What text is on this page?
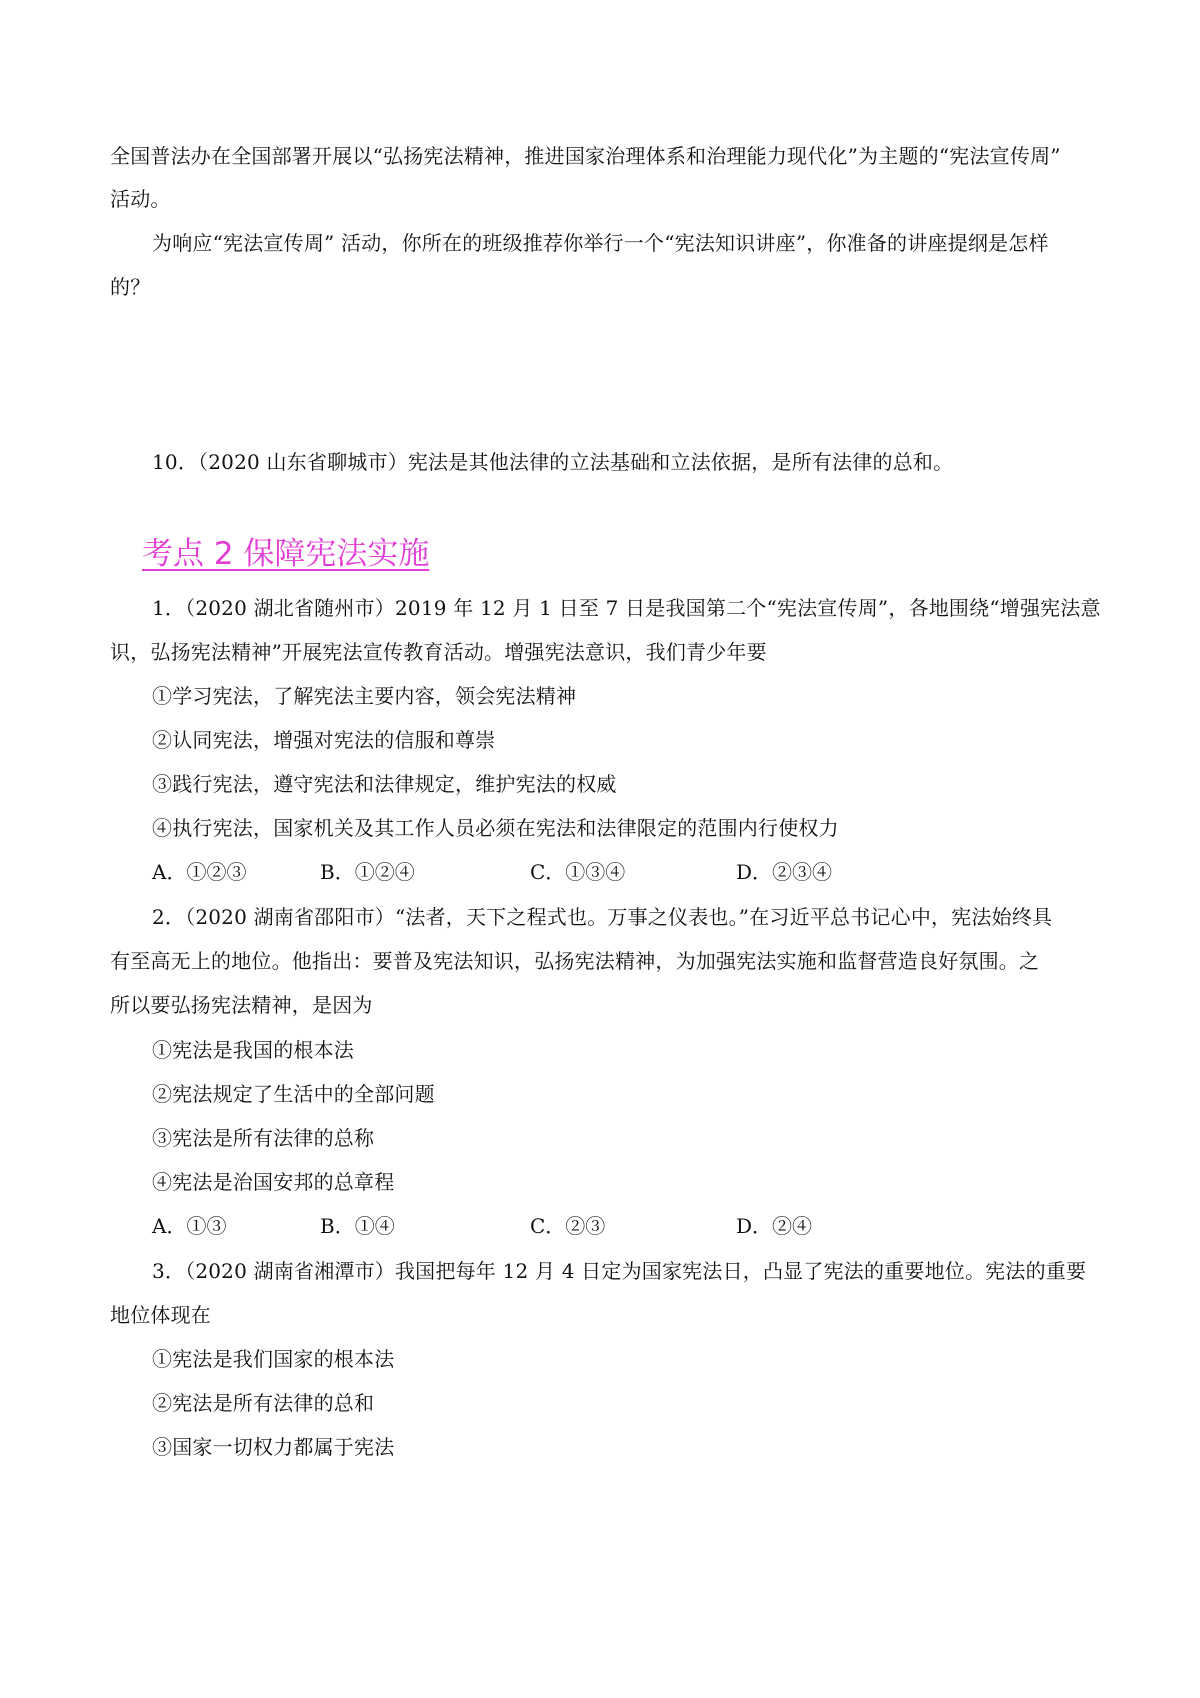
全国普法办在全国部署开展以“弘扬宪法精神，推进国家治理体系和治理能力现代化”为主题的“宪法宣传周”
活动。
为响应“宪法宣传周” 活动，你所在的班级推荐你举行一个“宪法知识讲座”，你准备的讲座提纲是怎样
的？
10．（2020 山东省聊城市）宪法是其他法律的立法基础和立法依据，是所有法律的总和。
考点 2 保障宪法实施
1．（2020 湖北省随州市）2019 年 12 月 1 日至 7 日是我国第二个“宪法宣传周”，各地围绕“增强宪法意
识，弘扬宪法精神”开展宪法宣传教育活动。增强宪法意识，我们青少年要
①学习宪法，了解宪法主要内容，领会宪法精神
②认同宪法，增强对宪法的信服和尊崇
③践行宪法，遵守宪法和法律规定，维护宪法的权威
④执行宪法，国家机关及其工作人员必须在宪法和法律限定的范围内行使权力
A．①②③	B．①②④	C．①③④	D．②③④
2．（2020 湖南省邵阳市）“法者，天下之程式也。万事之仪表也。”在习近平总书记心中，宪法始终具
有至高无上的地位。他指出：要普及宪法知识，弘扬宪法精神，为加强宪法实施和监督营造良好氛围。之
所以要弘扬宪法精神，是因为
①宪法是我国的根本法
②宪法规定了生活中的全部问题
③宪法是所有法律的总称
④宪法是治国安邦的总章程
A．①③	B．①④	C．②③	D．②④
3．（2020 湖南省湘潭市）我国把每年 12 月 4 日定为国家宪法日，凸显了宪法的重要地位。宪法的重要
地位体现在
①宪法是我们国家的根本法
②宪法是所有法律的总和
③国家一切权力都属于宪法
